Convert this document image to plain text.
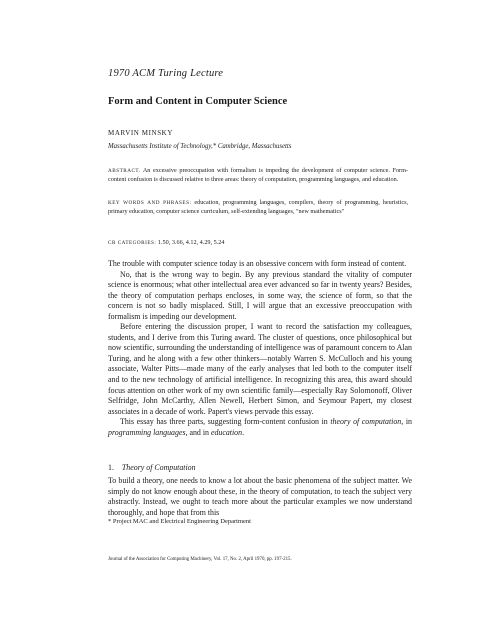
1970 ACM Turing Lecture
Form and Content in Computer Science
MARVIN MINSKY
Massachusetts Institute of Technology,* Cambridge, Massachusetts
ABSTRACT. An excessive preoccupation with formalism is impeding the development of computer science. Form-content confusion is discussed relative to three areas: theory of computation, programming languages, and education.
KEY WORDS AND PHRASES: education, programming languages, compilers, theory of programming, heuristics, primary education, computer science curriculum, self-extending languages, "new mathematics"
CR CATEGORIES: 1.50, 3.66, 4.12, 4.29, 5.24

The trouble with computer science today is an obsessive concern with form instead of content.

No, that is the wrong way to begin. By any previous standard the vitality of computer science is enormous; what other intellectual area ever advanced so far in twenty years? Besides, the theory of computation perhaps encloses, in some way, the science of form, so that the concern is not so badly misplaced. Still, I will argue that an excessive preoccupation with formalism is impeding our development.

Before entering the discussion proper, I want to record the satisfaction my colleagues, students, and I derive from this Turing award. The cluster of questions, once philosophical but now scientific, surrounding the understanding of intelligence was of paramount concern to Alan Turing, and he along with a few other thinkers—notably Warren S. McCulloch and his young associate, Walter Pitts—made many of the early analyses that led both to the computer itself and to the new technology of artificial intelligence. In recognizing this area, this award should focus attention on other work of my own scientific family—especially Ray Solomonoff, Oliver Selfridge, John McCarthy, Allen Newell, Herbert Simon, and Seymour Papert, my closest associates in a decade of work. Papert's views pervade this essay.

This essay has three parts, suggesting form-content confusion in theory of computation, in programming languages, and in education.

1. Theory of Computation

To build a theory, one needs to know a lot about the basic phenomena of the subject matter. We simply do not know enough about these, in the theory of computation, to teach the subject very abstractly. Instead, we ought to teach more about the particular examples we now understand thoroughly, and hope that from this

* Project MAC and Electrical Engineering Department
Journal of the Association for Computing Machinery, Vol. 17, No. 2, April 1970, pp. 197-215.
